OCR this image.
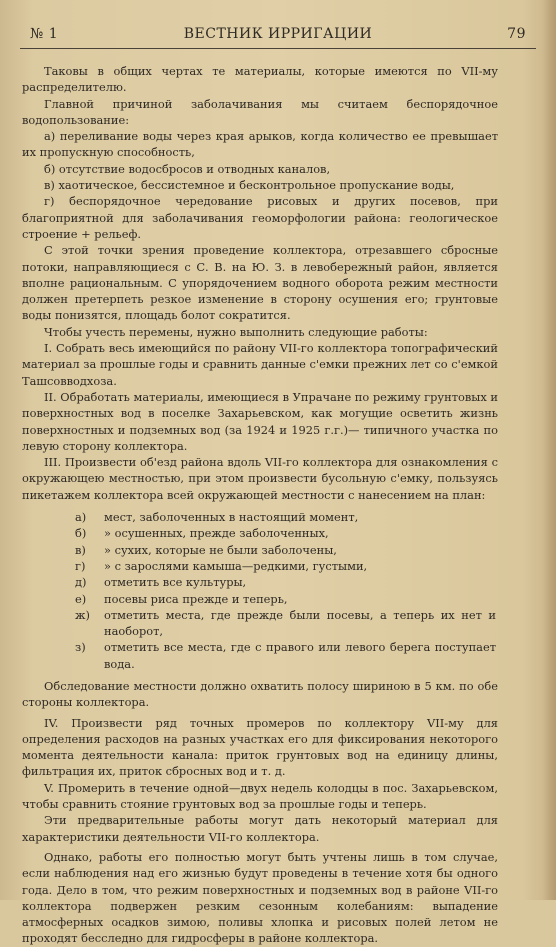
№ 1	ВЕСТНИК ИРРИГАЦИИ	79

Таковы в общих чертах те материалы, которые имеются по VII-му распределителю.

Главной причиной заболачивания мы считаем беспорядочное водопользование:

а) переливание воды через края арыков, когда количество ее превышает их пропускную способность,

б) отсутствие водосбросов и отводных каналов,

в) хаотическое, бессистемное и бесконтрольное пропускание воды,

г) беспорядочное чередование рисовых и других посевов, при благоприятной для заболачивания геоморфологии района: геологическое строение + рельеф.

С этой точки зрения проведение коллектора, отрезавшего сбросные потоки, направляющиеся с С. В. на Ю. З. в левобережный район, является вполне рациональным. С упорядочением водного оборота режим местности должен претерпеть резкое изменение в сторону осушения его; грунтовые воды понизятся, площадь болот сократится.

Чтобы учесть перемены, нужно выполнить следующие работы:

I. Собрать весь имеющийся по району VII-го коллектора топографический материал за прошлые годы и сравнить данные с'емки прежних лет со с'емкой Ташсовводхоза.

II. Обработать материалы, имеющиеся в Упрачане по режиму грунтовых и поверхностных вод в поселке Захарьевском, как могущие осветить жизнь поверхностных и подземных вод (за 1924 и 1925 г.г.)— типичного участка по левую сторону коллектора.

III. Произвести об'езд района вдоль VII-го коллектора для ознакомления с окружающею местностью, при этом произвести бусольную с'емку, пользуясь пикетажем коллектора всей окружающей местности с нанесением на план:

а) мест, заболоченных в настоящий момент,
б) » осушенных, прежде заболоченных,
в) » сухих, которые не были заболочены,
г) » с зарослями камыша—редкими, густыми,
д) отметить все культуры,
е) посевы риса прежде и теперь,
ж) отметить места, где прежде были посевы, а теперь их нет и наоборот,
з) отметить все места, где с правого или левого берега поступает вода.

Обследование местности должно охватить полосу шириною в 5 км. по обе стороны коллектора.

IV. Произвести ряд точных промеров по коллектору VII-му для определения расходов на разных участках его для фиксирования некоторого момента деятельности канала: приток грунтовых вод на единицу длины, фильтрация их, приток сбросных вод и т. д.

V. Промерить в течение одной—двух недель колодцы в пос. Захарьевском, чтобы сравнить стояние грунтовых вод за прошлые годы и теперь.

Эти предварительные работы могут дать некоторый материал для характеристики деятельности VII-го коллектора.

Однако, работы его полностью могут быть учтены лишь в том случае, если наблюдения над его жизнью будут проведены в течение хотя бы одного года. Дело в том, что режим поверхностных и подземных вод в районе VII-го коллектора подвержен резким сезонным колебаниям: выпадение атмосферных осадков зимою, поливы хлопка и рисовых полей летом не проходят бесследно для гидросферы в районе коллектора.
